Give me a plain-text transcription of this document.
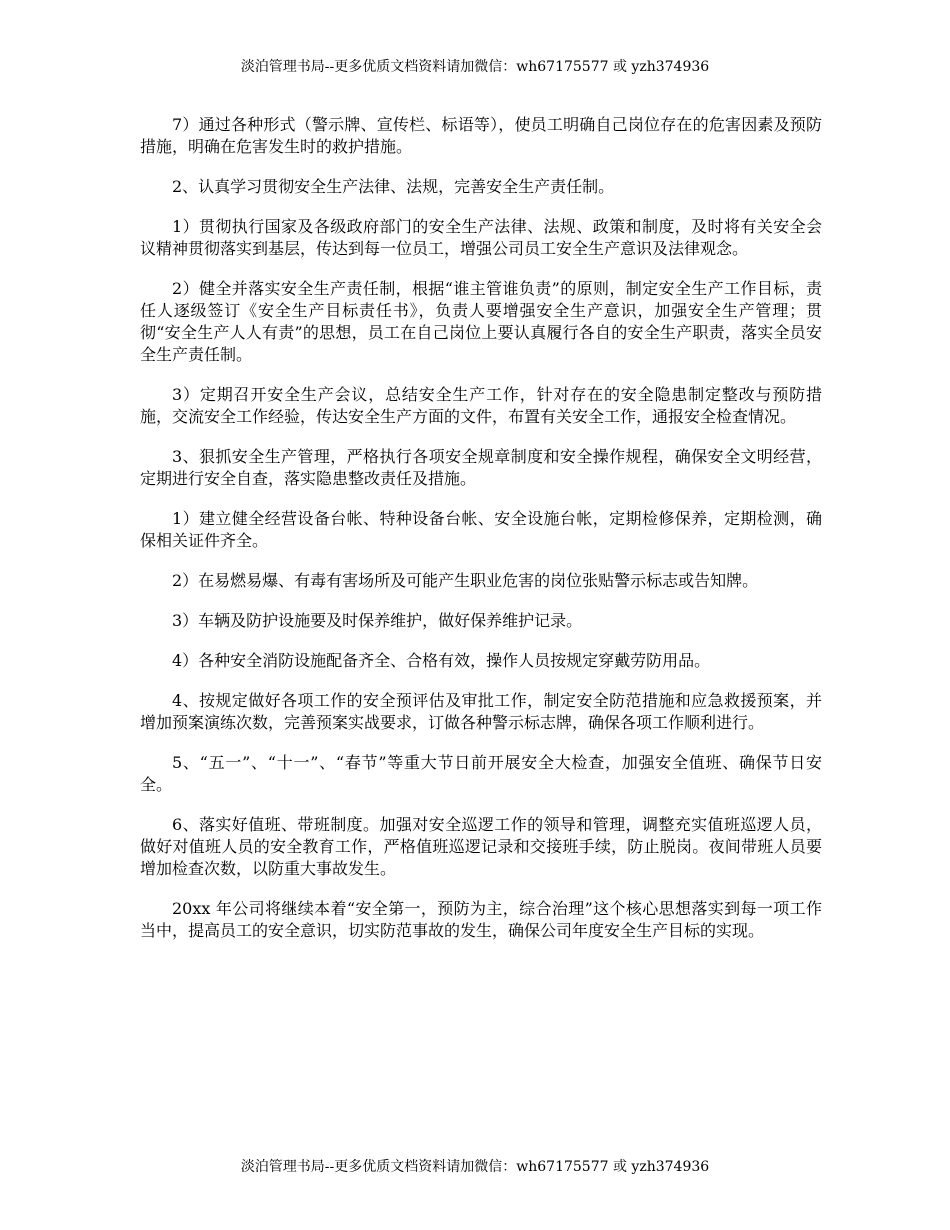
淡泊管理书局--更多优质文档资料请加微信：wh67175577 或 yzh374936

7）通过各种形式（警示牌、宣传栏、标语等），使员工明确自己岗位存在的危害因素及预防措施，明确在危害发生时的救护措施。

2、认真学习贯彻安全生产法律、法规，完善安全生产责任制。

1）贯彻执行国家及各级政府部门的安全生产法律、法规、政策和制度，及时将有关安全会议精神贯彻落实到基层，传达到每一位员工，增强公司员工安全生产意识及法律观念。

2）健全并落实安全生产责任制，根据“谁主管谁负责”的原则，制定安全生产工作目标，责任人逐级签订《安全生产目标责任书》，负责人要增强安全生产意识，加强安全生产管理；贯彻“安全生产人人有责”的思想，员工在自己岗位上要认真履行各自的安全生产职责，落实全员安全生产责任制。

3）定期召开安全生产会议，总结安全生产工作，针对存在的安全隐患制定整改与预防措施，交流安全工作经验，传达安全生产方面的文件，布置有关安全工作，通报安全检查情况。

3、狠抓安全生产管理，严格执行各项安全规章制度和安全操作规程，确保安全文明经营，定期进行安全自查，落实隐患整改责任及措施。

1）建立健全经营设备台帐、特种设备台帐、安全设施台帐，定期检修保养，定期检测，确保相关证件齐全。

2）在易燃易爆、有毒有害场所及可能产生职业危害的岗位张贴警示标志或告知牌。

3）车辆及防护设施要及时保养维护，做好保养维护记录。

4）各种安全消防设施配备齐全、合格有效，操作人员按规定穿戴劳防用品。

4、按规定做好各项工作的安全预评估及审批工作，制定安全防范措施和应急救援预案，并增加预案演练次数，完善预案实战要求，订做各种警示标志牌，确保各项工作顺利进行。

5、“五一”、“十一”、“春节”等重大节日前开展安全大检查，加强安全值班、确保节日安全。

6、落实好值班、带班制度。加强对安全巡逻工作的领导和管理，调整充实值班巡逻人员，做好对值班人员的安全教育工作，严格值班巡逻记录和交接班手续，防止脱岗。夜间带班人员要增加检查次数，以防重大事故发生。

20xx 年公司将继续本着“安全第一，预防为主，综合治理”这个核心思想落实到每一项工作当中，提高员工的安全意识，切实防范事故的发生，确保公司年度安全生产目标的实现。

淡泊管理书局--更多优质文档资料请加微信：wh67175577 或 yzh374936
